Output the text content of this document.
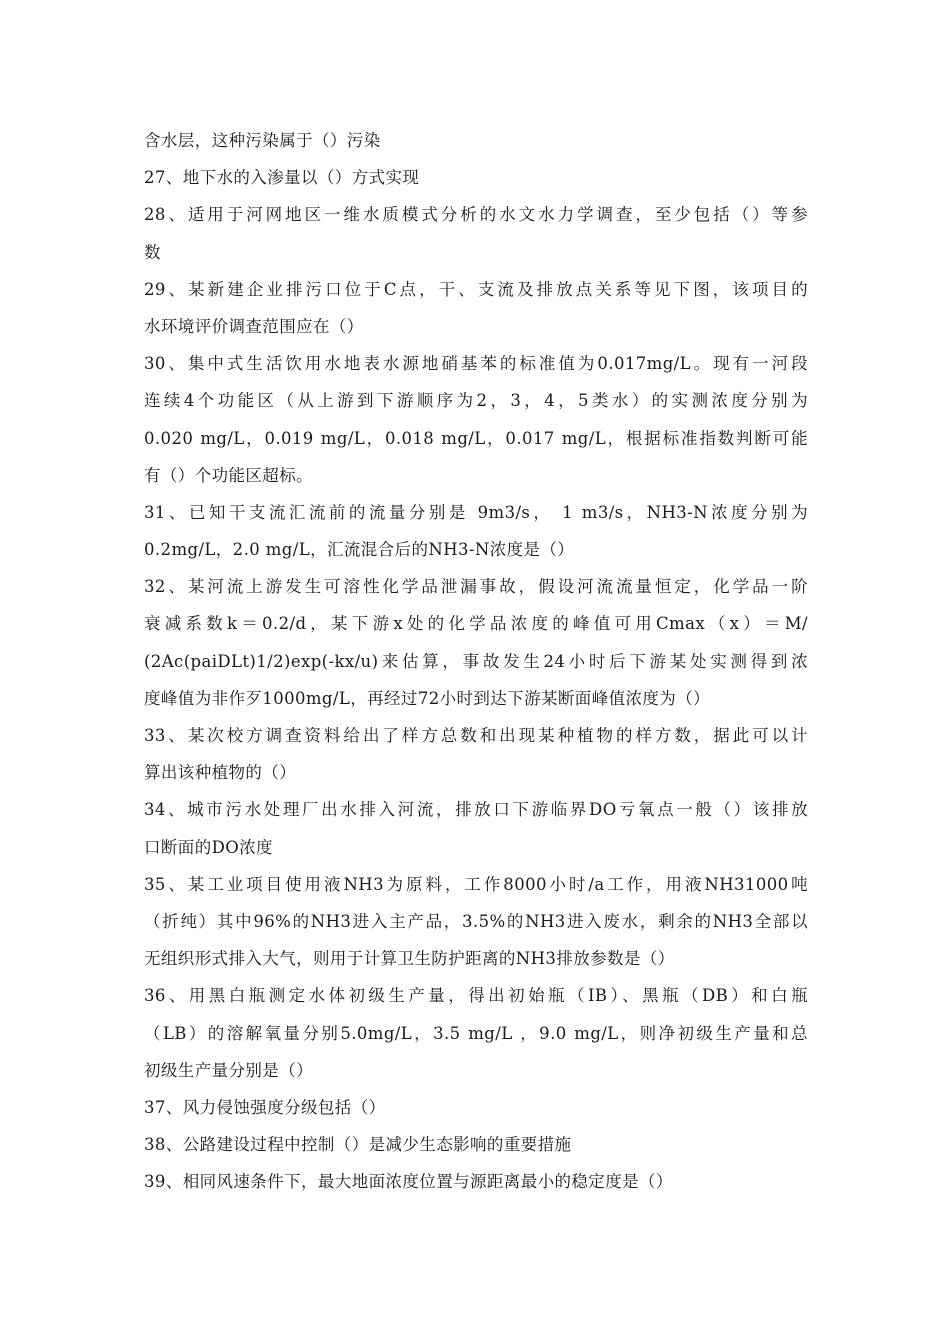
含水层，这种污染属于（）污染
27、地下水的入渗量以（）方式实现
28、适用于河网地区一维水质模式分析的水文水力学调查，至少包括（）等参
数
29、某新建企业排污口位于C点，干、支流及排放点关系等见下图，该项目的
水环境评价调查范围应在（）
30、集中式生活饮用水地表水源地硝基苯的标准值为0.017mg/L。现有一河段
连续4个功能区（从上游到下游顺序为2，3，4，5类水）的实测浓度分别为
0.020 mg/L，0.019 mg/L，0.018 mg/L，0.017 mg/L，根据标准指数判断可能
有（）个功能区超标。
31、已知干支流汇流前的流量分别是 9m3/s， 1 m3/s，NH3-N浓度分别为
0.2mg/L，2.0 mg/L，汇流混合后的NH3-N浓度是（）
32、某河流上游发生可溶性化学品泄漏事故，假设河流流量恒定，化学品一阶
衰减系数k＝0.2/d，某下游x处的化学品浓度的峰值可用Cmax（x）＝M/
(2Ac(paiDLt)1/2)exp(-kx/u)来估算，事故发生24小时后下游某处实测得到浓
度峰值为非作歹1000mg/L，再经过72小时到达下游某断面峰值浓度为（）
33、某次校方调查资料给出了样方总数和出现某种植物的样方数，据此可以计
算出该种植物的（）
34、城市污水处理厂出水排入河流，排放口下游临界DO亏氧点一般（）该排放
口断面的DO浓度
35、某工业项目使用液NH3为原料，工作8000小时/a工作，用液NH31000吨
（折纯）其中96%的NH3进入主产品，3.5%的NH3进入废水，剩余的NH3全部以
无组织形式排入大气，则用于计算卫生防护距离的NH3排放参数是（）
36、用黑白瓶测定水体初级生产量，得出初始瓶（IB）、黑瓶（DB）和白瓶
（LB）的溶解氧量分别5.0mg/L，3.5 mg/L ，9.0 mg/L，则净初级生产量和总
初级生产量分别是（）
37、风力侵蚀强度分级包括（）
38、公路建设过程中控制（）是减少生态影响的重要措施
39、相同风速条件下，最大地面浓度位置与源距离最小的稳定度是（）
